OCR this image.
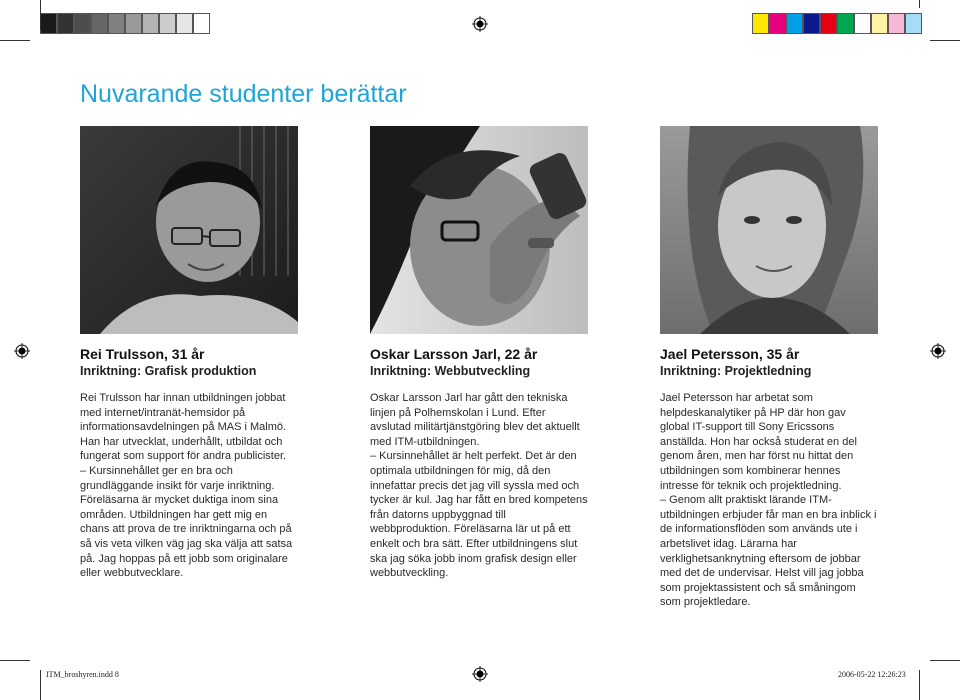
Nuvarande studenter berättar

Rei Trulsson, 31 år

Inriktning: Grafisk produktion

Rei Trulsson har innan utbildningen jobbat med internet/intranät-hemsidor på informationsavdelningen på MAS i Malmö. Han har utvecklat, underhållt, utbildat och fungerat som support för andra publicister.

– Kursinnehållet ger en bra och grundläggande insikt för varje inriktning. Föreläsarna är mycket duktiga inom sina områden. Utbildningen har gett mig en chans att prova de tre inriktningarna och på så vis veta vilken väg jag ska välja att satsa på. Jag hoppas på ett jobb som originalare eller webbutvecklare.

Oskar Larsson Jarl, 22 år

Inriktning: Webbutveckling

Oskar Larsson Jarl har gått den tekniska linjen på Polhemskolan i Lund. Efter avslutad militärtjänstgöring blev det aktuellt med ITM-utbildningen.

– Kursinnehållet är helt perfekt. Det är den optimala utbildningen för mig, då den innefattar precis det jag vill syssla med och tycker är kul. Jag har fått en bred kompetens från datorns uppbyggnad till webbproduktion. Föreläsarna lär ut på ett enkelt och bra sätt. Efter utbildningens slut ska jag söka jobb inom grafisk design eller webbutveckling.

Jael Petersson, 35 år

Inriktning: Projektledning

Jael Petersson har arbetat som helpdeskanalytiker på HP där hon gav global IT-support till Sony Ericssons anställda. Hon har också studerat en del genom åren, men har först nu hittat den utbildningen som kombinerar hennes intresse för teknik och projektledning.

– Genom allt praktiskt lärande ITM-utbildningen erbjuder får man en bra inblick i de informationsflöden som används ute i arbetslivet idag. Lärarna har verklighetsanknytning eftersom de jobbar med det de undervisar. Helst vill jag jobba som projektassistent och så småningom som projektledare.

ITM_broshyren.indd 8	2006-05-22 12:26:23
